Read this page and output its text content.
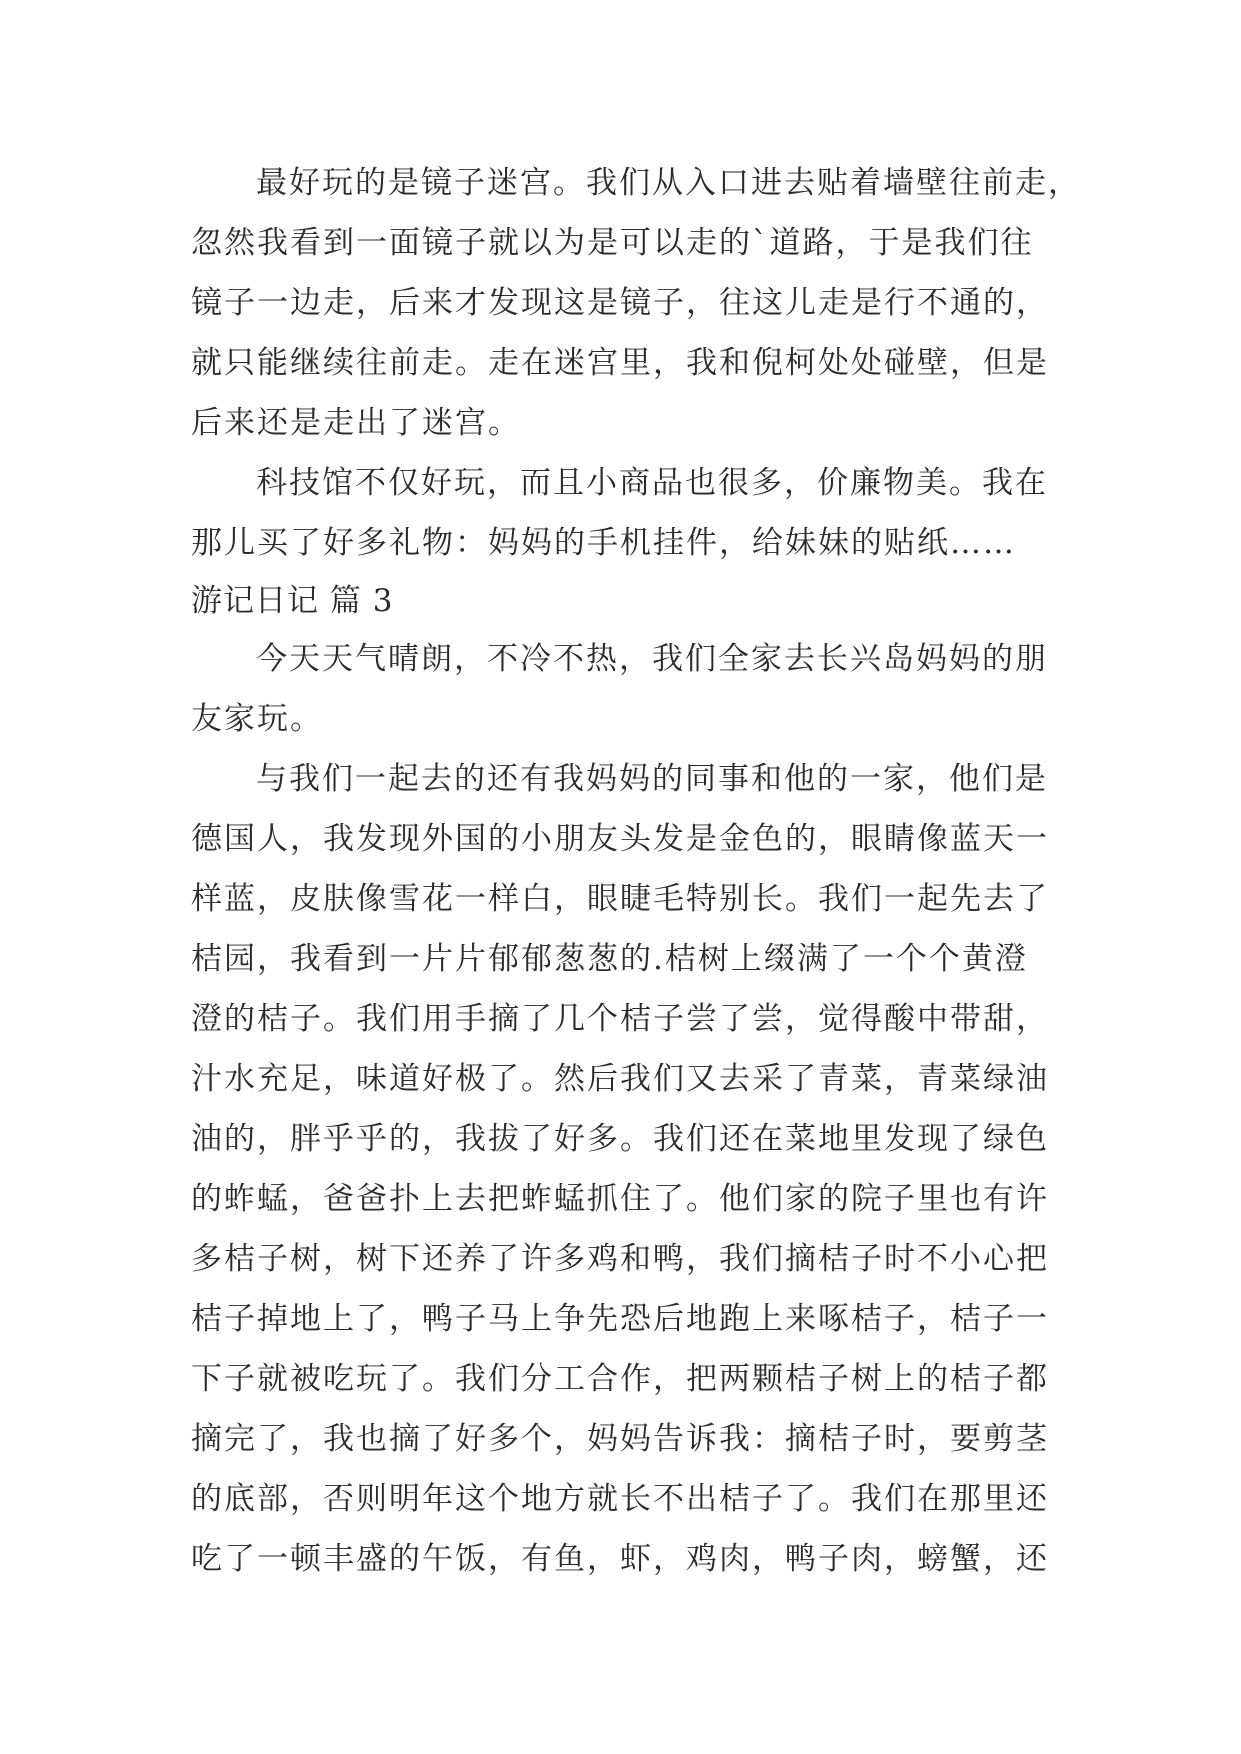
最好玩的是镜子迷宫。我们从入口进去贴着墙壁往前走，
忽然我看到一面镜子就以为是可以走的`道路，于是我们往
镜子一边走，后来才发现这是镜子，往这儿走是行不通的，
就只能继续往前走。走在迷宫里，我和倪柯处处碰壁，但是
后来还是走出了迷宫。
科技馆不仅好玩，而且小商品也很多，价廉物美。我在
那儿买了好多礼物：妈妈的手机挂件，给妹妹的贴纸……
游记日记 篇 3
今天天气晴朗，不冷不热，我们全家去长兴岛妈妈的朋
友家玩。
与我们一起去的还有我妈妈的同事和他的一家，他们是
德国人，我发现外国的小朋友头发是金色的，眼睛像蓝天一
样蓝，皮肤像雪花一样白，眼睫毛特别长。我们一起先去了
桔园，我看到一片片郁郁葱葱的.桔树上缀满了一个个黄澄
澄的桔子。我们用手摘了几个桔子尝了尝，觉得酸中带甜，
汁水充足，味道好极了。然后我们又去采了青菜，青菜绿油
油的，胖乎乎的，我拔了好多。我们还在菜地里发现了绿色
的蚱蜢，爸爸扑上去把蚱蜢抓住了。他们家的院子里也有许
多桔子树，树下还养了许多鸡和鸭，我们摘桔子时不小心把
桔子掉地上了，鸭子马上争先恐后地跑上来啄桔子，桔子一
下子就被吃玩了。我们分工合作，把两颗桔子树上的桔子都
摘完了，我也摘了好多个，妈妈告诉我：摘桔子时，要剪茎
的底部，否则明年这个地方就长不出桔子了。我们在那里还
吃了一顿丰盛的午饭，有鱼，虾，鸡肉，鸭子肉，螃蟹，还
